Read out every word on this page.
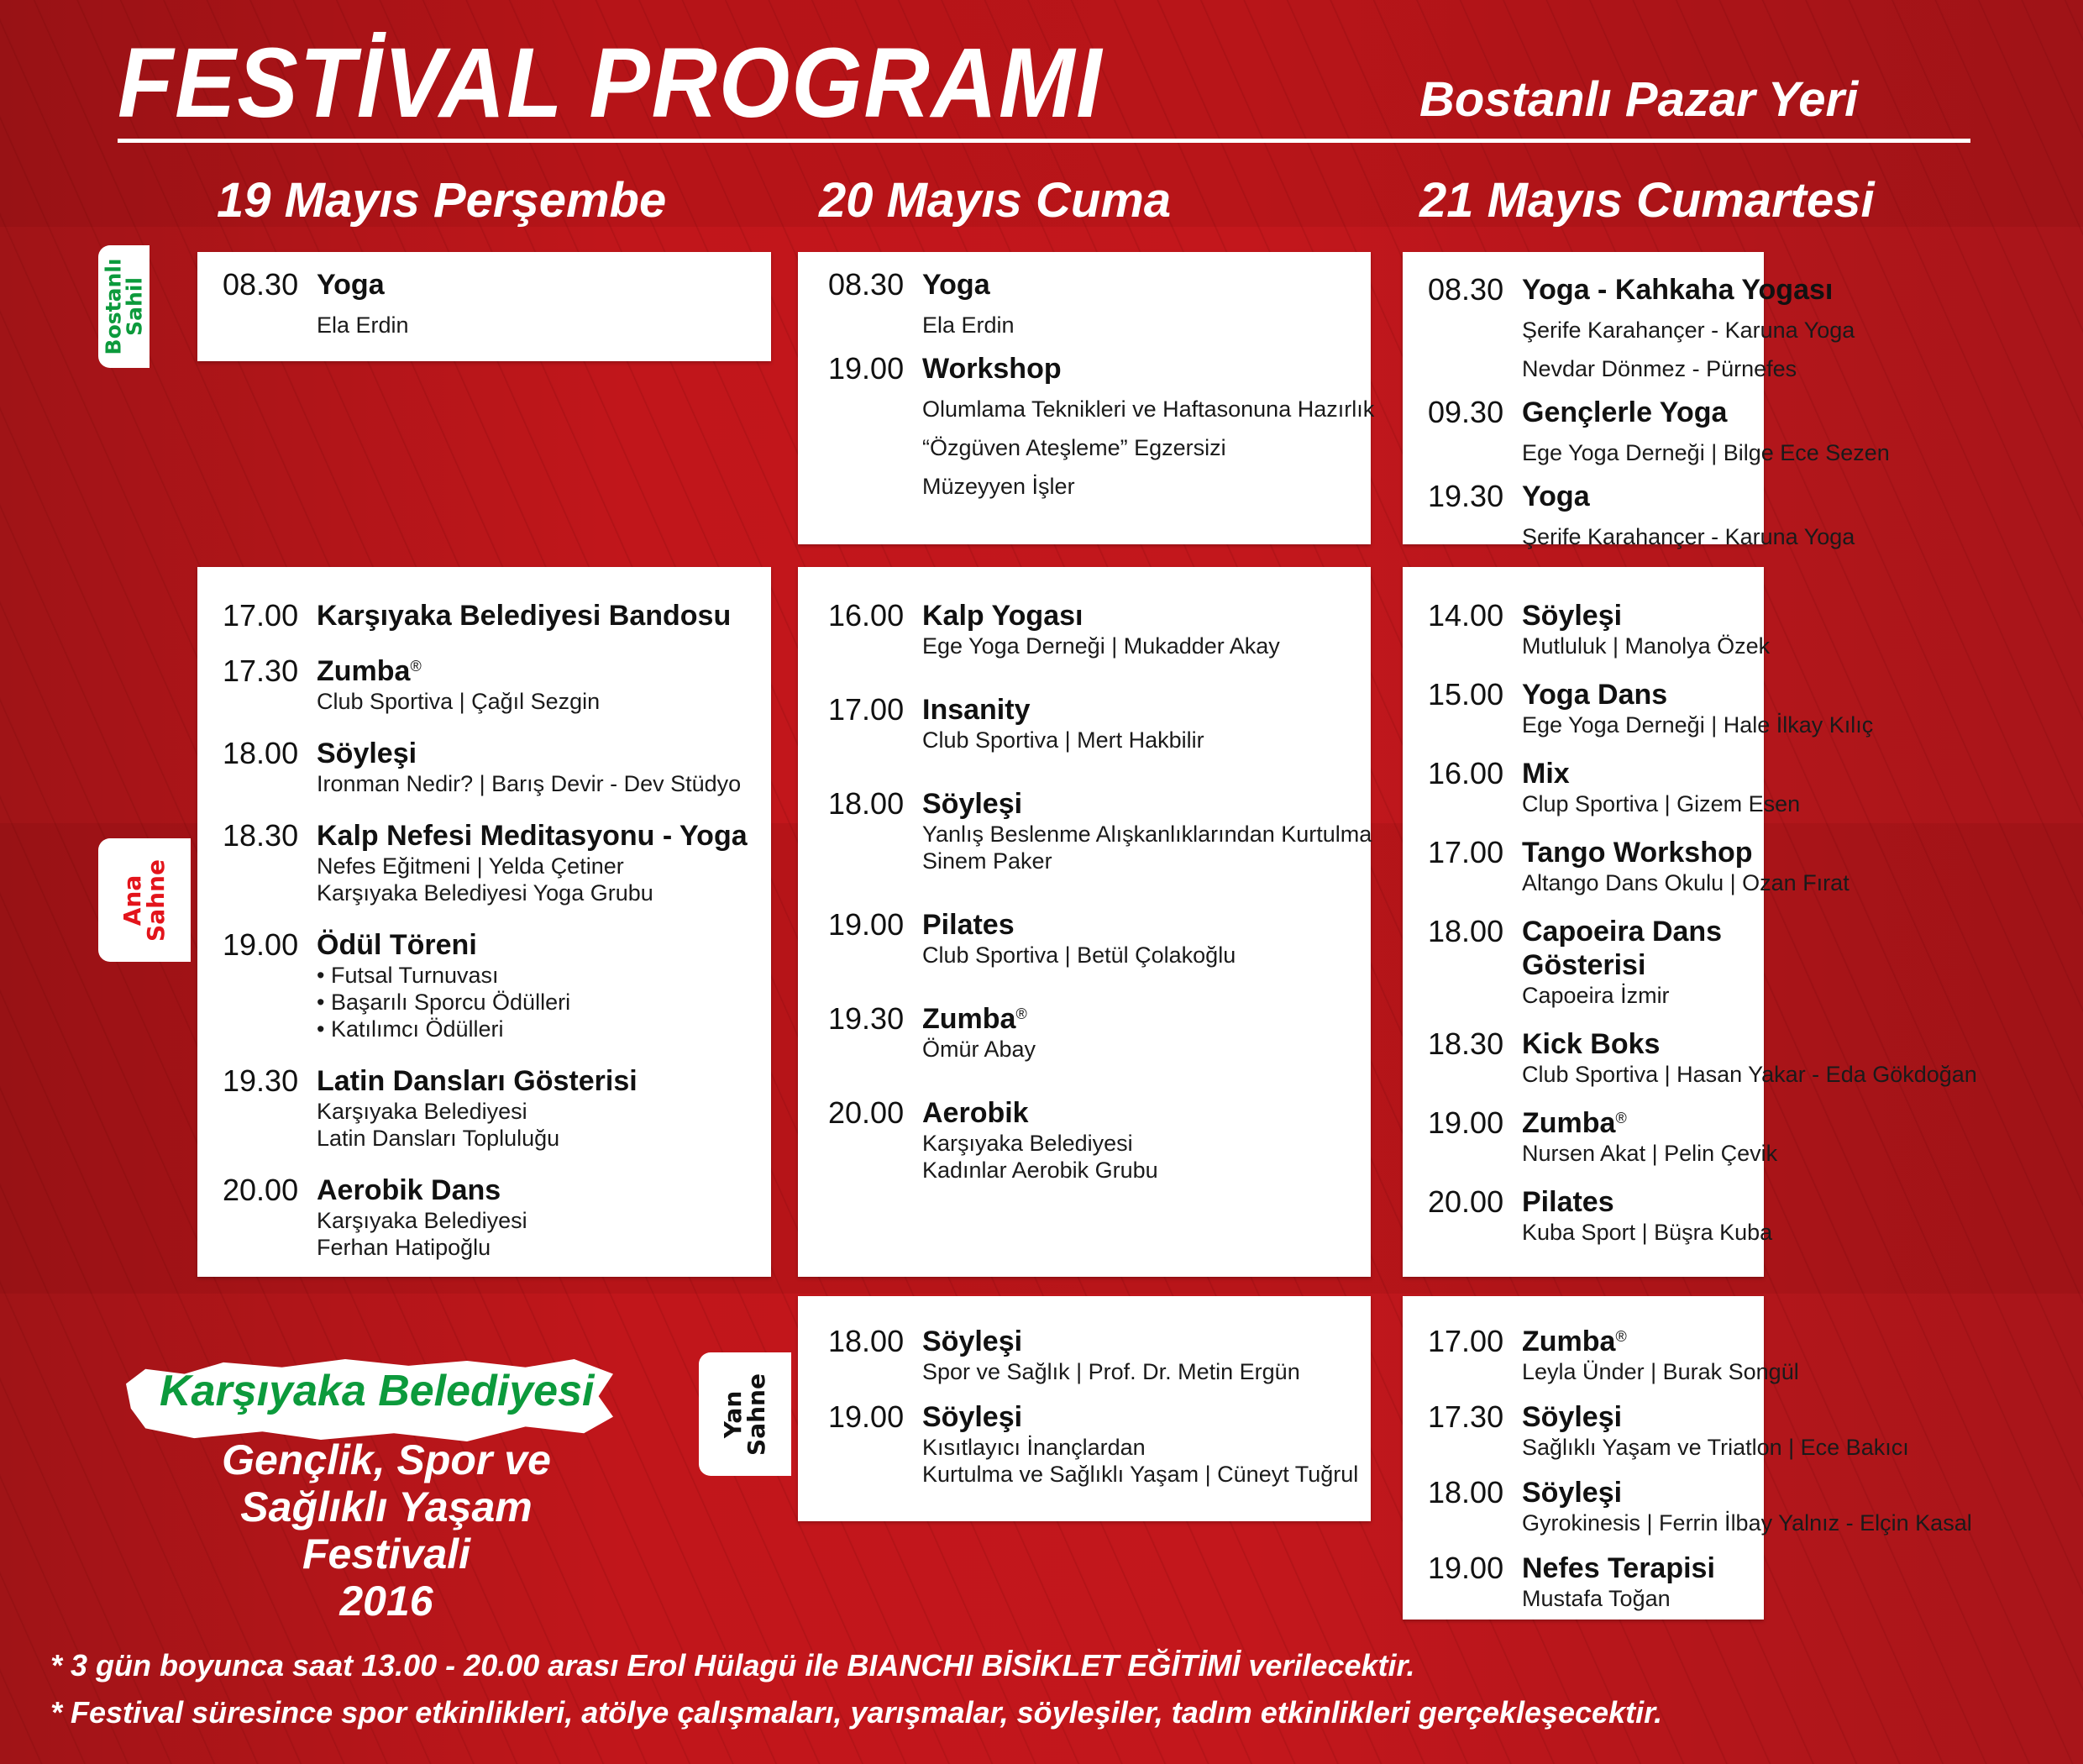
FESTİVAL PROGRAMI	Bostanlı Pazar Yeri
19 Mayıs Perşembe	20 Mayıs Cuma	21 Mayıs Cumartesi
Bostanlı
Sahil
Ana
Sahne
Yan
Sahne
08.30 Yoga
Ela Erdin
08.30 Yoga
Ela Erdin
19.00 Workshop
Olumlama Teknikleri ve Haftasonuna Hazırlık
“Özgüven Ateşleme” Egzersizi
Müzeyyen İşler
08.30 Yoga - Kahkaha Yogası
Şerife Karahançer - Karuna Yoga
Nevdar Dönmez - Pürnefes
09.30 Gençlerle Yoga
Ege Yoga Derneği | Bilge Ece Sezen
19.30 Yoga
Şerife Karahançer - Karuna Yoga
17.00 Karşıyaka Belediyesi Bandosu
17.30 Zumba®
Club Sportiva | Çağıl Sezgin
18.00 Söyleşi
Ironman Nedir? | Barış Devir - Dev Stüdyo
18.30 Kalp Nefesi Meditasyonu - Yoga
Nefes Eğitmeni | Yelda Çetiner
Karşıyaka Belediyesi Yoga Grubu
19.00 Ödül Töreni
• Futsal Turnuvası
• Başarılı Sporcu Ödülleri
• Katılımcı Ödülleri
19.30 Latin Dansları Gösterisi
Karşıyaka Belediyesi
Latin Dansları Topluluğu
20.00 Aerobik Dans
Karşıyaka Belediyesi
Ferhan Hatipoğlu
16.00 Kalp Yogası
Ege Yoga Derneği | Mukadder Akay
17.00 Insanity
Club Sportiva | Mert Hakbilir
18.00 Söyleşi
Yanlış Beslenme Alışkanlıklarından Kurtulma
Sinem Paker
19.00 Pilates
Club Sportiva | Betül Çolakoğlu
19.30 Zumba®
Ömür Abay
20.00 Aerobik
Karşıyaka Belediyesi
Kadınlar Aerobik Grubu
14.00 Söyleşi
Mutluluk | Manolya Özek
15.00 Yoga Dans
Ege Yoga Derneği | Hale İlkay Kılıç
16.00 Mix
Clup Sportiva | Gizem Esen
17.00 Tango Workshop
Altango Dans Okulu | Ozan Fırat
18.00 Capoeira Dans Gösterisi
Capoeira İzmir
18.30 Kick Boks
Club Sportiva | Hasan Yakar - Eda Gökdoğan
19.00 Zumba®
Nursen Akat | Pelin Çevik
20.00 Pilates
Kuba Sport | Büşra Kuba
18.00 Söyleşi
Spor ve Sağlık | Prof. Dr. Metin Ergün
19.00 Söyleşi
Kısıtlayıcı İnançlardan
Kurtulma ve Sağlıklı Yaşam | Cüneyt Tuğrul
17.00 Zumba®
Leyla Ünder | Burak Songül
17.30 Söyleşi
Sağlıklı Yaşam ve Triatlon | Ece Bakıcı
18.00 Söyleşi
Gyrokinesis | Ferrin İlbay Yalnız - Elçin Kasal
19.00 Nefes Terapisi
Mustafa Toğan
Karşıyaka Belediyesi
Gençlik, Spor ve
Sağlıklı Yaşam Festivali
2016
* 3 gün boyunca saat 13.00 - 20.00 arası Erol Hülagü ile BIANCHI BİSİKLET EĞİTİMİ verilecektir.
* Festival süresince spor etkinlikleri, atölye çalışmaları, yarışmalar, söyleşiler, tadım etkinlikleri gerçekleşecektir.
